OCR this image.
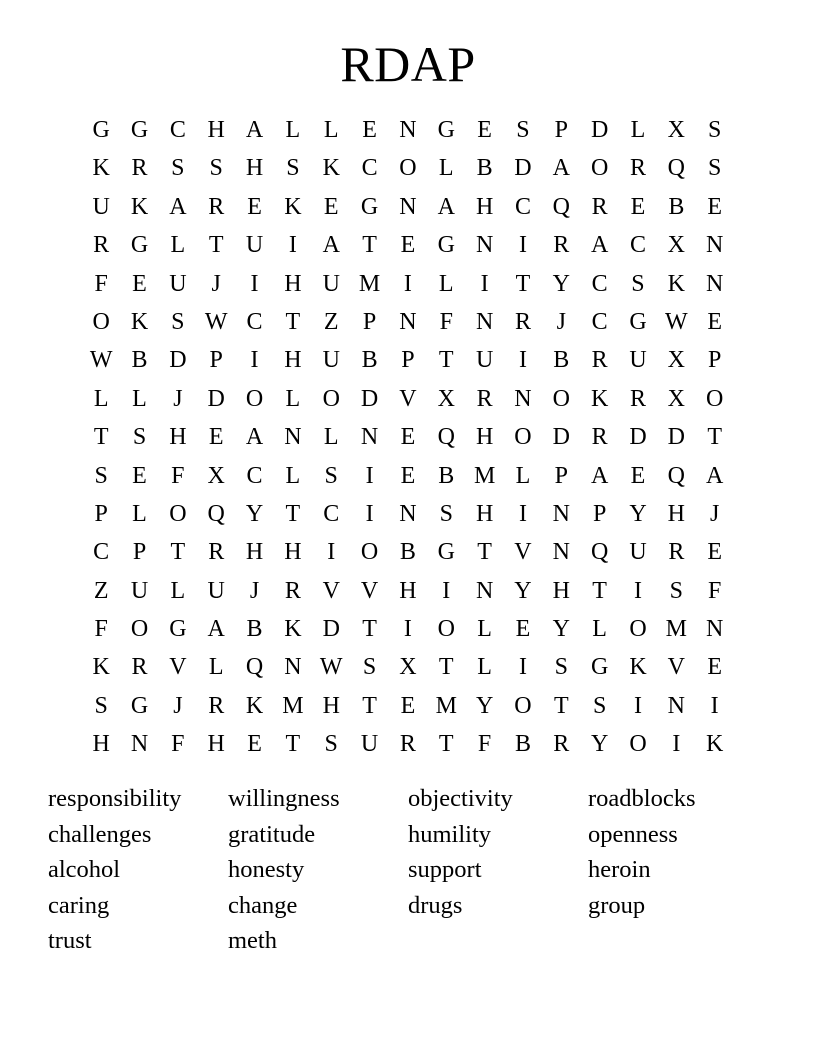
RDAP
G G C H A L L E N G E	S	P D L X S
K R S	S H S K C O L B D A O R Q S
U K A R E K E G N A H C Q R E B E
R G L T U	I	A T E G N	I	R A C X N
F	E U	J	I	H U M I	L	I	T Y C S K N
O K S W C T Z	P N F N R	J	C G W E
W B D P	I	H U B P	T U	I	B R U X P
L L	J	D O L O D V X R N O K R X O
T	S H E A N L N E Q H O D R D D T
S	E	F X C L	S	I	E B M L	P A E Q A
P	L O Q Y T C	I	N S H	I	N P Y H	J
C P	T R H H	I	O B G T V N Q U R E
Z U L U	J	R V V H	I	N Y H T	I	S	F
F O G A B K D T	I	O L E Y L O M N
K R V L Q N W S X T L	I	S G K V E
S G	J	R K M H T E M Y O T	S	I	N	I
H N F H E T	S U R T	F B R Y O	I	K
responsibility	willingness	objectivity	roadblocks
challenges	gratitude	humility	openness
alcohol	honesty	support	heroin
caring	change	drugs	group
trust	meth
